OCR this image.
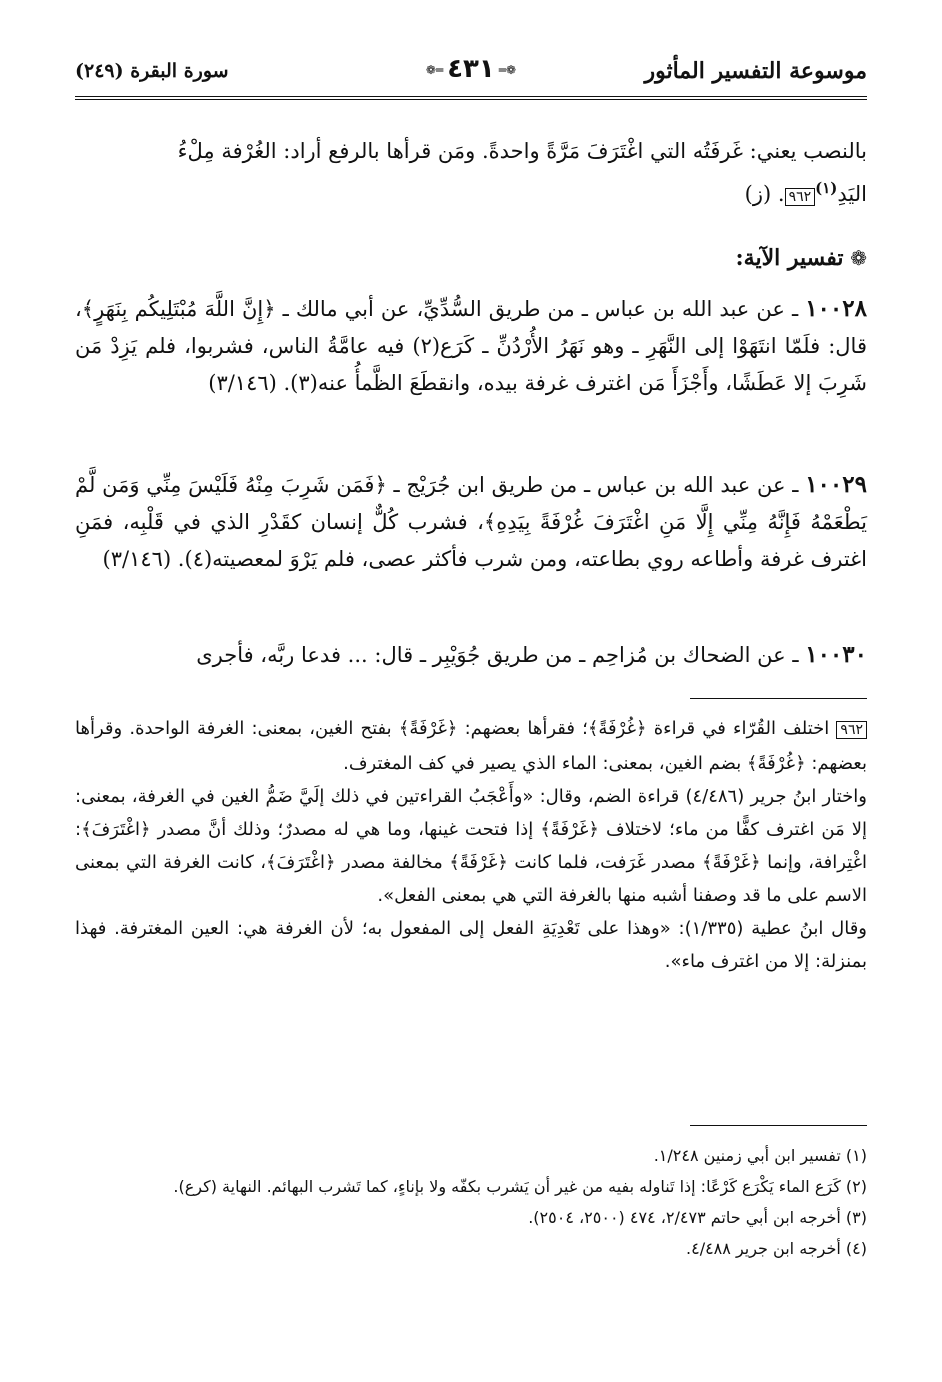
موسوعة التفسير المأثور
❁═٤٣١═❁
سورة البقرة (٢٤٩)

بالنصب يعني: غَرفَتُه التي اغْتَرَفَ مَرَّةً واحدةً. ومَن قرأها بالرفع أراد: الغُرْفة مِلْءُ

اليَدِ$^{(١)}$٩٦٢. (ز)

❁ تفسير الآية:
١٠٠٢٨ ـ عن عبد الله بن عباس ـ من طريق السُّدِّيِّ، عن أبي مالك ـ ﴿إِنَّ اللَّهَ مُبْتَلِيكُم بِنَهَرٍ﴾، قال: فلَمّا انتَهَوْا إلى النَّهَرِ ـ وهو نَهَرُ الأُرْدُنِّ ـ كَرَع(٢) فيه عامَّةُ الناس، فشربوا، فلم يَزِدْ مَن شَرِبَ إلا عَطَشًا، وأَجْزَأَ مَن اغترف غرفة بيده، وانقطَعَ الظَّمأُ عنه(٣). (٣/١٤٦)
١٠٠٢٩ ـ عن عبد الله بن عباس ـ من طريق ابن جُرَيْج ـ ﴿فَمَن شَرِبَ مِنْهُ فَلَيْسَ مِنِّي وَمَن لَّمْ يَطْعَمْهُ فَإِنَّهُ مِنِّي إِلَّا مَنِ اغْتَرَفَ غُرْفَةً بِيَدِهِ﴾، فشرب كُلٌّ إنسان كقَدْرِ الذي في قَلْبِه، فمَنِ اغترف غرفة وأطاعه روي بطاعته، ومن شرب فأكثر عصى، فلم يَرْوَ لمعصيته(٤). (٣/١٤٦)
١٠٠٣٠ ـ عن الضحاك بن مُزاحِم ـ من طريق جُوَيْبِر ـ قال: ... فدعا ربَّه، فأجرى

٩٦٢ اختلف القُرّاء في قراءة ﴿غُرْفَةً﴾؛ فقرأها بعضهم: ﴿غَرْفَةً﴾ بفتح الغين، بمعنى: الغرفة الواحدة. وقرأها بعضهم: ﴿غُرْفَةً﴾ بضم الغين، بمعنى: الماء الذي يصير في كف المغترف.

واختار ابنُ جرير (٤/٤٨٦) قراءة الضم، وقال: «وأَعْجَبُ القراءتين في ذلك إلَيَّ ضَمُّ الغين في الغرفة، بمعنى: إلا مَن اغترف كفًّا من ماء؛ لاختلاف ﴿غَرْفَةً﴾ إذا فتحت غينها، وما هي له مصدرٌ؛ وذلك أنَّ مصدر ﴿اغْتَرَفَ﴾: اغْتِرافة، وإنما ﴿غَرْفَةً﴾ مصدر غَرَفت، فلما كانت ﴿غَرْفَةً﴾ مخالفة مصدر ﴿اغْتَرَفَ﴾، كانت الغرفة التي بمعنى الاسم على ما قد وصفنا أشبه منها بالغرفة التي هي بمعنى الفعل».

وقال ابنُ عطية (١/٣٣٥): «وهذا على تَعْدِيَةِ الفعل إلى المفعول به؛ لأن الغرفة هي: العين المغترفة. فهذا بمنزلة: إلا من اغترف ماء».

(١) تفسير ابن أبي زمنين ١/٢٤٨.

(٢) كَرَع الماء يَكْرَع كَرْعًا: إذا تَناوله بفيه من غير أن يَشرب بكفّه ولا بإناءٍ، كما تَشرب البهائم. النهاية (كرع).

(٣) أخرجه ابن أبي حاتم ٢/٤٧٣، ٤٧٤ (٢٥٠٠، ٢٥٠٤).

(٤) أخرجه ابن جرير ٤/٤٨٨.
